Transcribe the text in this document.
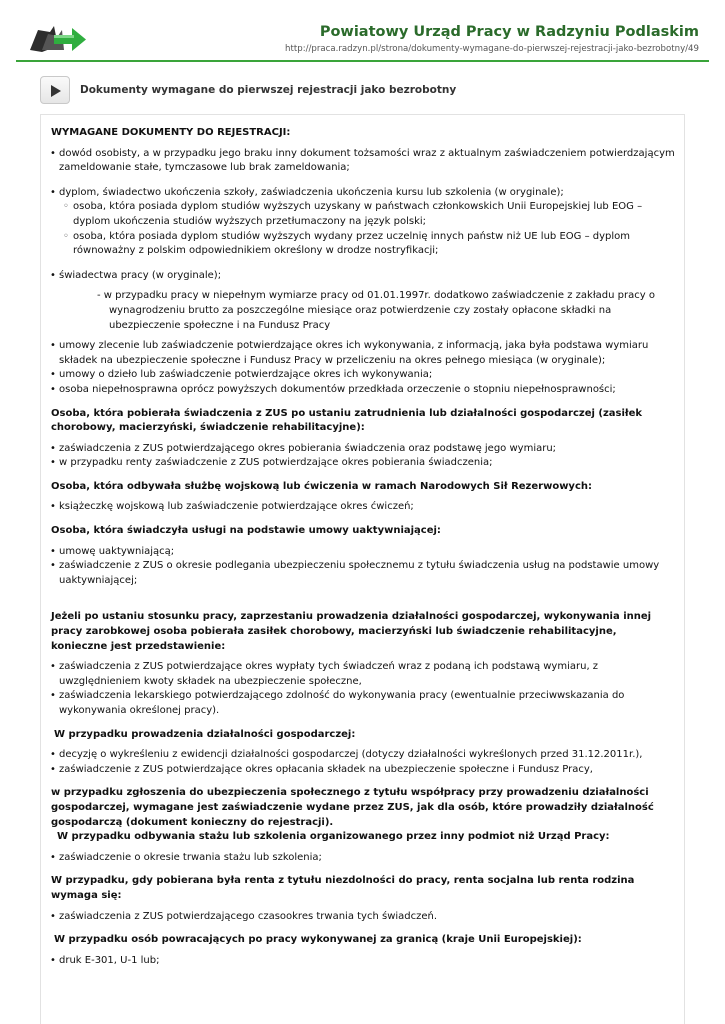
Powiatowy Urząd Pracy w Radzyniu Podlaskim
http://praca.radzyn.pl/strona/dokumenty-wymagane-do-pierwszej-rejestracji-jako-bezrobotny/49
Dokumenty wymagane do pierwszej rejestracji jako bezrobotny

WYMAGANE DOKUMENTY DO REJESTRACJI:

• dowód osobisty, a w przypadku jego braku inny dokument tożsamości wraz z aktualnym zaświadczeniem potwierdzającym zameldowanie stałe, tymczasowe lub brak zameldowania;
• dyplom, świadectwo ukończenia szkoły, zaświadczenia ukończenia kursu lub szkolenia (w oryginale);
◦ osoba, która posiada dyplom studiów wyższych uzyskany w państwach członkowskich Unii Europejskiej lub EOG – dyplom ukończenia studiów wyższych przetłumaczony na język polski;
◦ osoba, która posiada dyplom studiów wyższych wydany przez uczelnię innych państw niż UE lub EOG – dyplom równoważny z polskim odpowiednikiem określony w drodze nostryfikacji;
• świadectwa pracy (w oryginale);
- w przypadku pracy w niepełnym wymiarze pracy od 01.01.1997r. dodatkowo zaświadczenie z zakładu pracy o wynagrodzeniu brutto za poszczególne miesiące oraz potwierdzenie czy zostały opłacone składki na ubezpieczenie społeczne i na Fundusz Pracy
• umowy zlecenie lub zaświadczenie potwierdzające okres ich wykonywania, z informacją, jaka była podstawa wymiaru składek na ubezpieczenie społeczne i Fundusz Pracy w przeliczeniu na okres pełnego miesiąca (w oryginale);
• umowy o dzieło lub zaświadczenie potwierdzające okres ich wykonywania;
• osoba niepełnosprawna oprócz powyższych dokumentów przedkłada orzeczenie o stopniu niepełnosprawności;

Osoba, która pobierała świadczenia z ZUS po ustaniu zatrudnienia lub działalności gospodarczej (zasiłek chorobowy, macierzyński, świadczenie rehabilitacyjne):

• zaświadczenia z ZUS potwierdzającego okres pobierania świadczenia oraz podstawę jego wymiaru;
• w przypadku renty zaświadczenie z ZUS potwierdzające okres pobierania świadczenia;

Osoba, która odbywała służbę wojskową lub ćwiczenia w ramach Narodowych Sił Rezerwowych:

• książeczkę wojskową lub zaświadczenie potwierdzające okres ćwiczeń;

Osoba, która świadczyła usługi na podstawie umowy uaktywniającej:

• umowę uaktywniającą;
• zaświadczenie z ZUS o okresie podlegania ubezpieczeniu społecznemu z tytułu świadczenia usług na podstawie umowy uaktywniającej;

Jeżeli po ustaniu stosunku pracy, zaprzestaniu prowadzenia działalności gospodarczej, wykonywania innej pracy zarobkowej osoba pobierała zasiłek chorobowy, macierzyński lub świadczenie rehabilitacyjne, konieczne jest przedstawienie:

• zaświadczenia z ZUS potwierdzające okres wypłaty tych świadczeń wraz z podaną ich podstawą wymiaru, z uwzględnieniem kwoty składek na ubezpieczenie społeczne,
• zaświadczenia lekarskiego potwierdzającego zdolność do wykonywania pracy (ewentualnie przeciwwskazania do wykonywania określonej pracy).

W przypadku prowadzenia działalności gospodarczej:

• decyzję o wykreśleniu z ewidencji działalności gospodarczej (dotyczy działalności wykreślonych przed 31.12.2011r.),
• zaświadczenie z ZUS potwierdzające okres opłacania składek na ubezpieczenie społeczne i Fundusz Pracy,

w przypadku zgłoszenia do ubezpieczenia społecznego z tytułu współpracy przy prowadzeniu działalności gospodarczej, wymagane jest zaświadczenie wydane przez ZUS, jak dla osób, które prowadziły działalność gospodarczą (dokument konieczny do rejestracji).

W przypadku odbywania stażu lub szkolenia organizowanego przez inny podmiot niż Urząd Pracy:

• zaświadczenie o okresie trwania stażu lub szkolenia;

W przypadku, gdy pobierana była renta z tytułu niezdolności do pracy, renta socjalna lub renta rodzina wymaga się:

• zaświadczenia z ZUS potwierdzającego czasookres trwania tych świadczeń.

W przypadku osób powracających po pracy wykonywanej za granicą (kraje Unii Europejskiej):

• druk E-301, U-1 lub;
